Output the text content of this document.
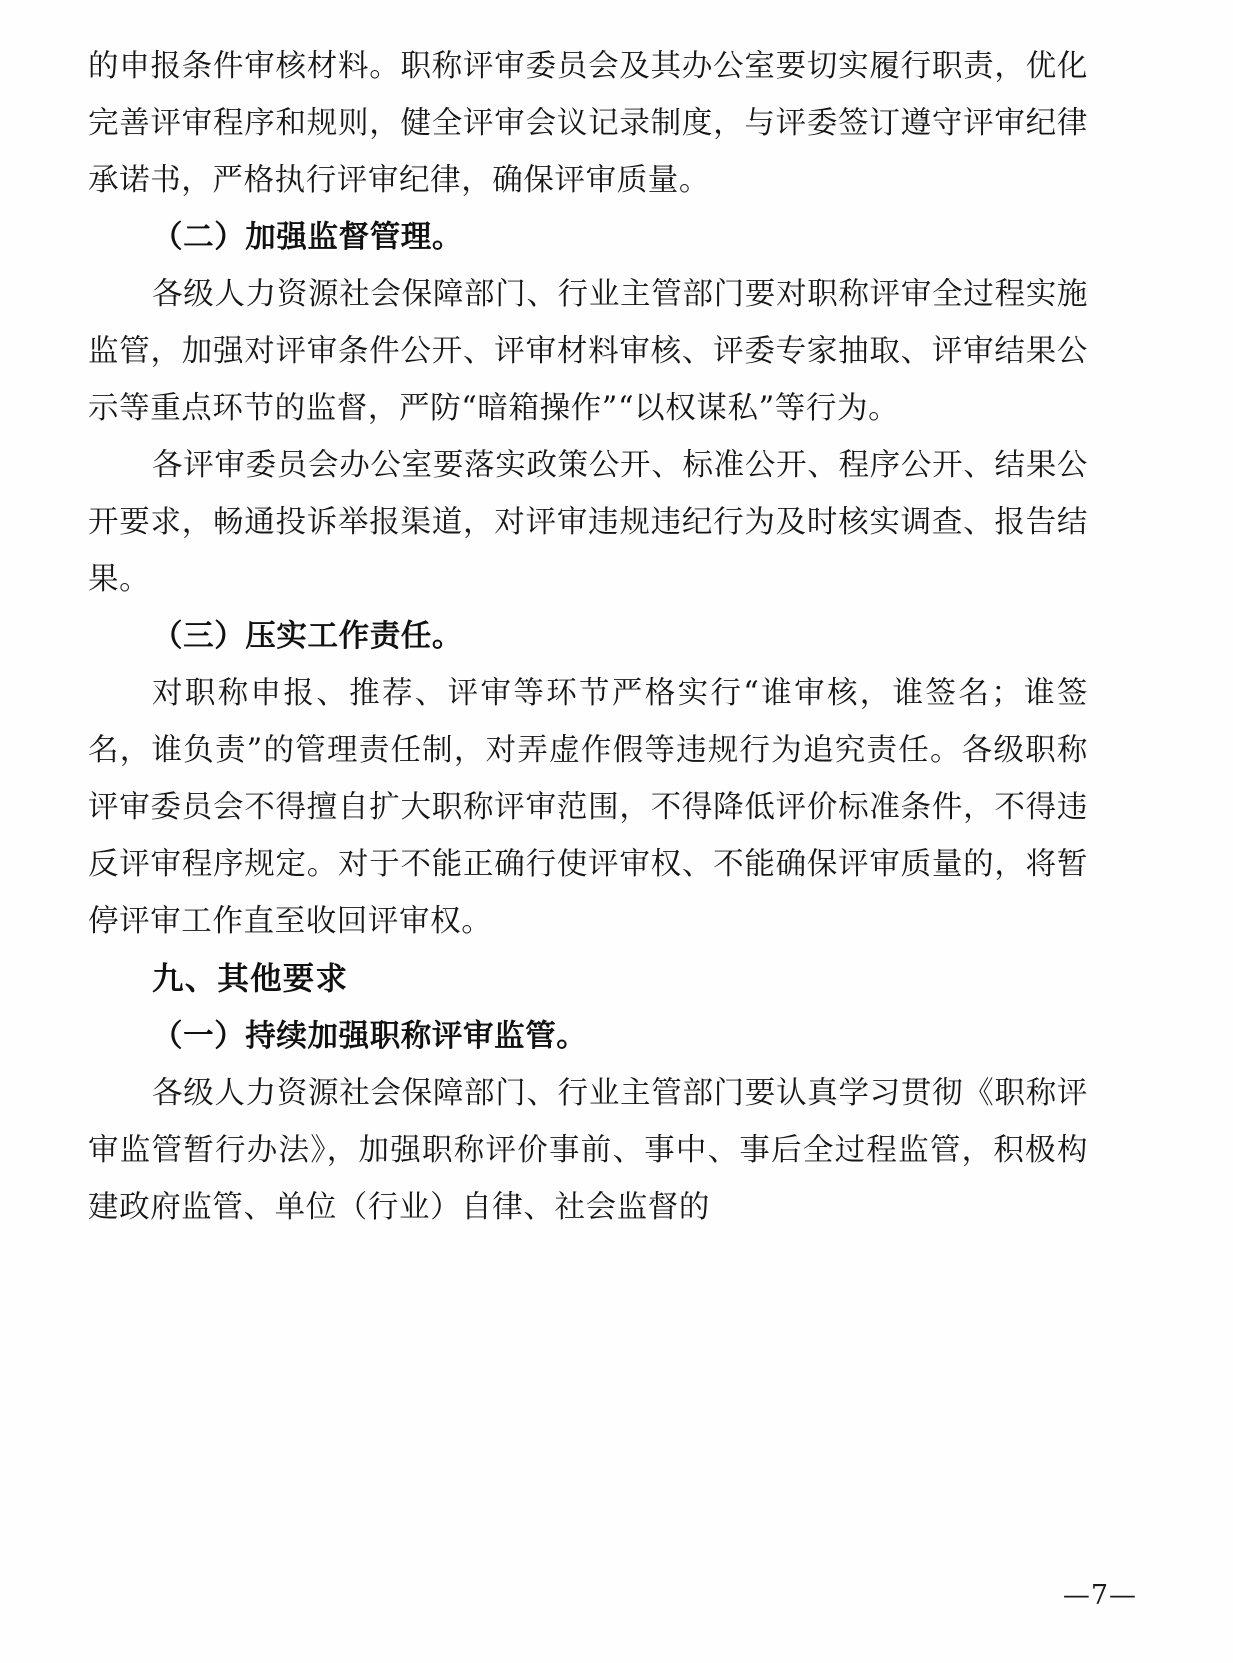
的申报条件审核材料。职称评审委员会及其办公室要切实履行职责，优化完善评审程序和规则，健全评审会议记录制度，与评委签订遵守评审纪律承诺书，严格执行评审纪律，确保评审质量。

（二）加强监督管理。

各级人力资源社会保障部门、行业主管部门要对职称评审全过程实施监管，加强对评审条件公开、评审材料审核、评委专家抽取、评审结果公示等重点环节的监督，严防“暗箱操作”“以权谋私”等行为。

各评审委员会办公室要落实政策公开、标准公开、程序公开、结果公开要求，畅通投诉举报渠道，对评审违规违纪行为及时核实调查、报告结果。

（三）压实工作责任。

对职称申报、推荐、评审等环节严格实行“谁审核，谁签名；谁签名，谁负责”的管理责任制，对弄虚作假等违规行为追究责任。各级职称评审委员会不得擅自扩大职称评审范围，不得降低评价标准条件，不得违反评审程序规定。对于不能正确行使评审权、不能确保评审质量的，将暂停评审工作直至收回评审权。

九、其他要求

（一）持续加强职称评审监管。

各级人力资源社会保障部门、行业主管部门要认真学习贯彻《职称评审监管暂行办法》，加强职称评价事前、事中、事后全过程监管，积极构建政府监管、单位（行业）自律、社会监督的

—7—
